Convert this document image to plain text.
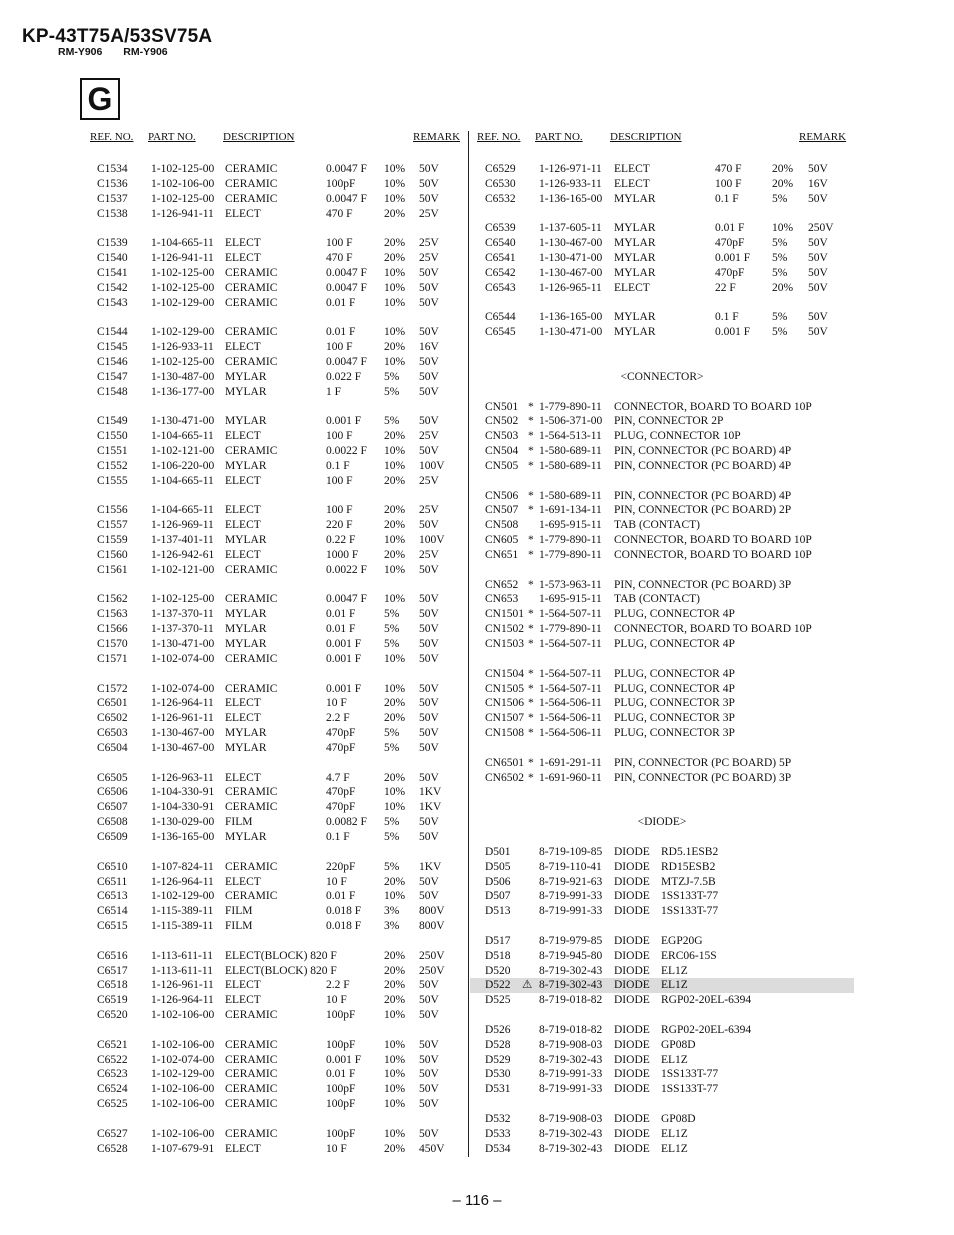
KP-43T75A/53SV75A
RM-Y906 RM-Y906
G
REF. NO. PART NO. DESCRIPTION	REMARK REF. NO. PART NO. DESCRIPTION	REMARK
C1534 1-102-125-00 CERAMIC	0.0047 F 10% 50V
C1536 1-102-106-00 CERAMIC	100pF 10% 50V
C1537 1-102-125-00 CERAMIC	0.0047 F 10% 50V
C1538 1-126-941-11 ELECT	470 F	20% 25V
C1539 1-104-665-11 ELECT	100 F	20% 25V
C1540 1-126-941-11 ELECT	470 F	20% 25V
C1541 1-102-125-00 CERAMIC	0.0047 F 10% 50V
C1542 1-102-125-00 CERAMIC	0.0047 F 10% 50V
C1543 1-102-129-00 CERAMIC	0.01 F 10% 50V
C1544 1-102-129-00 CERAMIC	0.01 F 10% 50V
C1545 1-126-933-11 ELECT	100 F	20% 16V
C1546 1-102-125-00 CERAMIC	0.0047 F 10% 50V
C1547 1-130-487-00 MYLAR	0.022 F 5% 50V
C1548 1-136-177-00 MYLAR	1 F	5% 50V
C1549 1-130-471-00 MYLAR	0.001 F 5% 50V
C1550 1-104-665-11 ELECT	100 F	20% 25V
C1551 1-102-121-00 CERAMIC	0.0022 F 10% 50V
C1552 1-106-220-00 MYLAR	0.1 F	10% 100V
C1555 1-104-665-11 ELECT	100 F	20% 25V
C1556 1-104-665-11 ELECT	100 F	20% 25V
C1557 1-126-969-11 ELECT	220 F	20% 50V
C1559 1-137-401-11 MYLAR	0.22 F 10% 100V
C1560 1-126-942-61 ELECT	1000 F 20% 25V
C1561 1-102-121-00 CERAMIC	0.0022 F 10% 50V
C1562 1-102-125-00 CERAMIC	0.0047 F 10% 50V
C1563 1-137-370-11 MYLAR	0.01 F 5% 50V
C1566 1-137-370-11 MYLAR	0.01 F 5% 50V
C1570 1-130-471-00 MYLAR	0.001 F 5% 50V
C1571 1-102-074-00 CERAMIC	0.001 F 10% 50V
C1572 1-102-074-00 CERAMIC	0.001 F 10% 50V
C6501 1-126-964-11 ELECT	10 F	20% 50V
C6502 1-126-961-11 ELECT	2.2 F	20% 50V
C6503 1-130-467-00 MYLAR	470pF 5% 50V
C6504 1-130-467-00 MYLAR	470pF 5% 50V
C6505 1-126-963-11 ELECT	4.7 F	20% 50V
C6506 1-104-330-91 CERAMIC	470pF 10% 1KV
C6507 1-104-330-91 CERAMIC	470pF 10% 1KV
C6508 1-130-029-00 FILM	0.0082 F 5% 50V
C6509 1-136-165-00 MYLAR	0.1 F	5% 50V
C6510 1-107-824-11 CERAMIC	220pF 5% 1KV
C6511 1-126-964-11 ELECT	10 F	20% 50V
C6513 1-102-129-00 CERAMIC	0.01 F 10% 50V
C6514 1-115-389-11 FILM	0.018 F 3% 800V
C6515 1-115-389-11 FILM	0.018 F 3% 800V
C6516 1-113-611-11 ELECT(BLOCK) 820 F	20% 250V
C6517 1-113-611-11 ELECT(BLOCK) 820 F	20% 250V
C6518 1-126-961-11 ELECT	2.2 F	20% 50V
C6519 1-126-964-11 ELECT	10 F	20% 50V
C6520 1-102-106-00 CERAMIC	100pF 10% 50V
C6521 1-102-106-00 CERAMIC	100pF 10% 50V
C6522 1-102-074-00 CERAMIC	0.001 F 10% 50V
C6523 1-102-129-00 CERAMIC	0.01 F 10% 50V
C6524 1-102-106-00 CERAMIC	100pF 10% 50V
C6525 1-102-106-00 CERAMIC	100pF 10% 50V
C6527 1-102-106-00 CERAMIC	100pF 10% 50V
C6528 1-107-679-91 ELECT	10 F	20% 450V
C6529 1-126-971-11 ELECT	470 F	20% 50V
C6530 1-126-933-11 ELECT	100 F	20% 16V
C6532 1-136-165-00 MYLAR	0.1 F	5% 50V
C6539 1-137-605-11 MYLAR	0.01 F 10% 250V
C6540 1-130-467-00 MYLAR	470pF 5% 50V
C6541 1-130-471-00 MYLAR	0.001 F 5% 50V
C6542 1-130-467-00 MYLAR	470pF 5% 50V
C6543 1-126-965-11 ELECT	22 F	20% 50V
C6544 1-136-165-00 MYLAR	0.1 F	5% 50V
C6545 1-130-471-00 MYLAR	0.001 F 5% 50V
<CONNECTOR>
CN501 * 1-779-890-11 CONNECTOR, BOARD TO BOARD 10P
CN502 * 1-506-371-00 PIN, CONNECTOR 2P
CN503 * 1-564-513-11 PLUG, CONNECTOR 10P
CN504 * 1-580-689-11 PIN, CONNECTOR (PC BOARD) 4P
CN505 * 1-580-689-11 PIN, CONNECTOR (PC BOARD) 4P
CN506 * 1-580-689-11 PIN, CONNECTOR (PC BOARD) 4P
CN507 * 1-691-134-11 PIN, CONNECTOR (PC BOARD) 2P
CN508 1-695-915-11 TAB (CONTACT)
CN605 * 1-779-890-11 CONNECTOR, BOARD TO BOARD 10P
CN651 * 1-779-890-11 CONNECTOR, BOARD TO BOARD 10P
CN652 * 1-573-963-11 PIN, CONNECTOR (PC BOARD) 3P
CN653 1-695-915-11 TAB (CONTACT)
CN1501 * 1-564-507-11 PLUG, CONNECTOR 4P
CN1502 * 1-779-890-11 CONNECTOR, BOARD TO BOARD 10P
CN1503 * 1-564-507-11 PLUG, CONNECTOR 4P
CN1504 * 1-564-507-11 PLUG, CONNECTOR 4P
CN1505 * 1-564-507-11 PLUG, CONNECTOR 4P
CN1506 * 1-564-506-11 PLUG, CONNECTOR 3P
CN1507 * 1-564-506-11 PLUG, CONNECTOR 3P
CN1508 * 1-564-506-11 PLUG, CONNECTOR 3P
CN6501 * 1-691-291-11 PIN, CONNECTOR (PC BOARD) 5P
CN6502 * 1-691-960-11 PIN, CONNECTOR (PC BOARD) 3P
<DIODE>
D501 8-719-109-85 DIODE RD5.1ESB2
D505 8-719-110-41 DIODE RD15ESB2
D506 8-719-921-63 DIODE MTZJ-7.5B
D507 8-719-991-33 DIODE 1SS133T-77
D513 8-719-991-33 DIODE 1SS133T-77
D517 8-719-979-85 DIODE EGP20G
D518 8-719-945-80 DIODE ERC06-15S
D520 8-719-302-43 DIODE EL1Z
D522 ⚠ 8-719-302-43 DIODE EL1Z
D525 8-719-018-82 DIODE RGP02-20EL-6394
D526 8-719-018-82 DIODE RGP02-20EL-6394
D528 8-719-908-03 DIODE GP08D
D529 8-719-302-43 DIODE EL1Z
D530 8-719-991-33 DIODE 1SS133T-77
D531 8-719-991-33 DIODE 1SS133T-77
D532 8-719-908-03 DIODE GP08D
D533 8-719-302-43 DIODE EL1Z
D534 8-719-302-43 DIODE EL1Z
– 116 –
